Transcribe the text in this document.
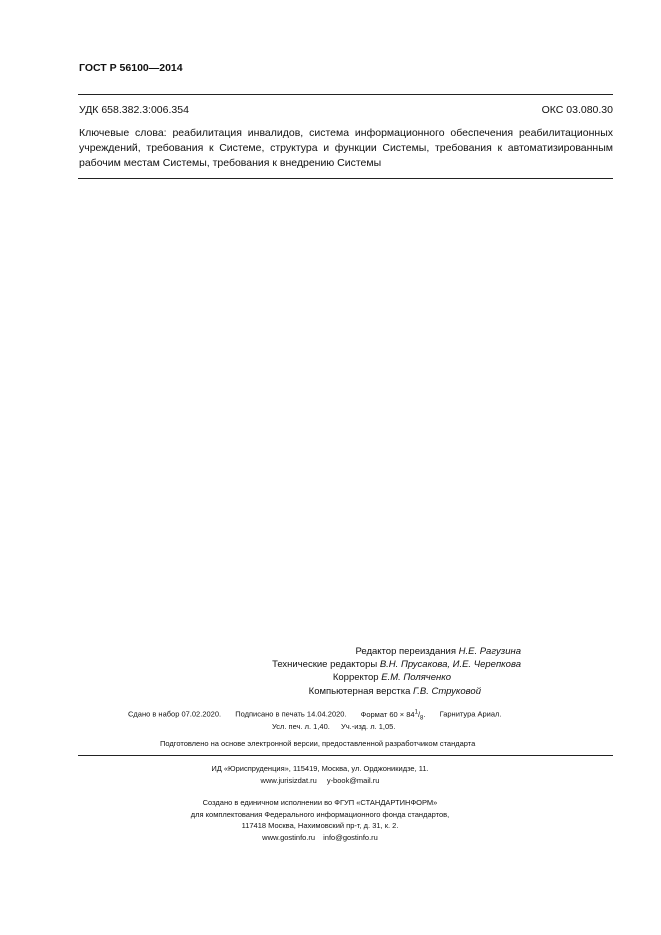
ГОСТ Р 56100—2014
УДК 658.382.3:006.354	ОКС 03.080.30
Ключевые слова: реабилитация инвалидов, система информационного обеспечения реабилитационных учреждений, требования к Системе, структура и функции Системы, требования к автоматизированным рабочим местам Системы, требования к внедрению Системы
Редактор переиздания Н.Е. Рагузина
Технические редакторы В.Н. Прусакова, И.Е. Черепкова
Корректор Е.М. Поляченко
Компьютерная верстка Г.В. Струковой
Сдано в набор 07.02.2020. Подписано в печать 14.04.2020. Формат $60 \times 84^1/_8$. Гарнитура Ариал.
Усл. печ. л. 1,40. Уч.-изд. л. 1,05.
Подготовлено на основе электронной версии, предоставленной разработчиком стандарта
ИД «Юриспруденция», 115419, Москва, ул. Орджоникидзе, 11.
www.jurisizdat.ru y-book@mail.ru
Создано в единичном исполнении во ФГУП «СТАНДАРТИНФОРМ»
для комплектования Федерального информационного фонда стандартов,
117418 Москва, Нахимовский пр-т, д. 31, к. 2.
www.gostinfo.ru info@gostinfo.ru
